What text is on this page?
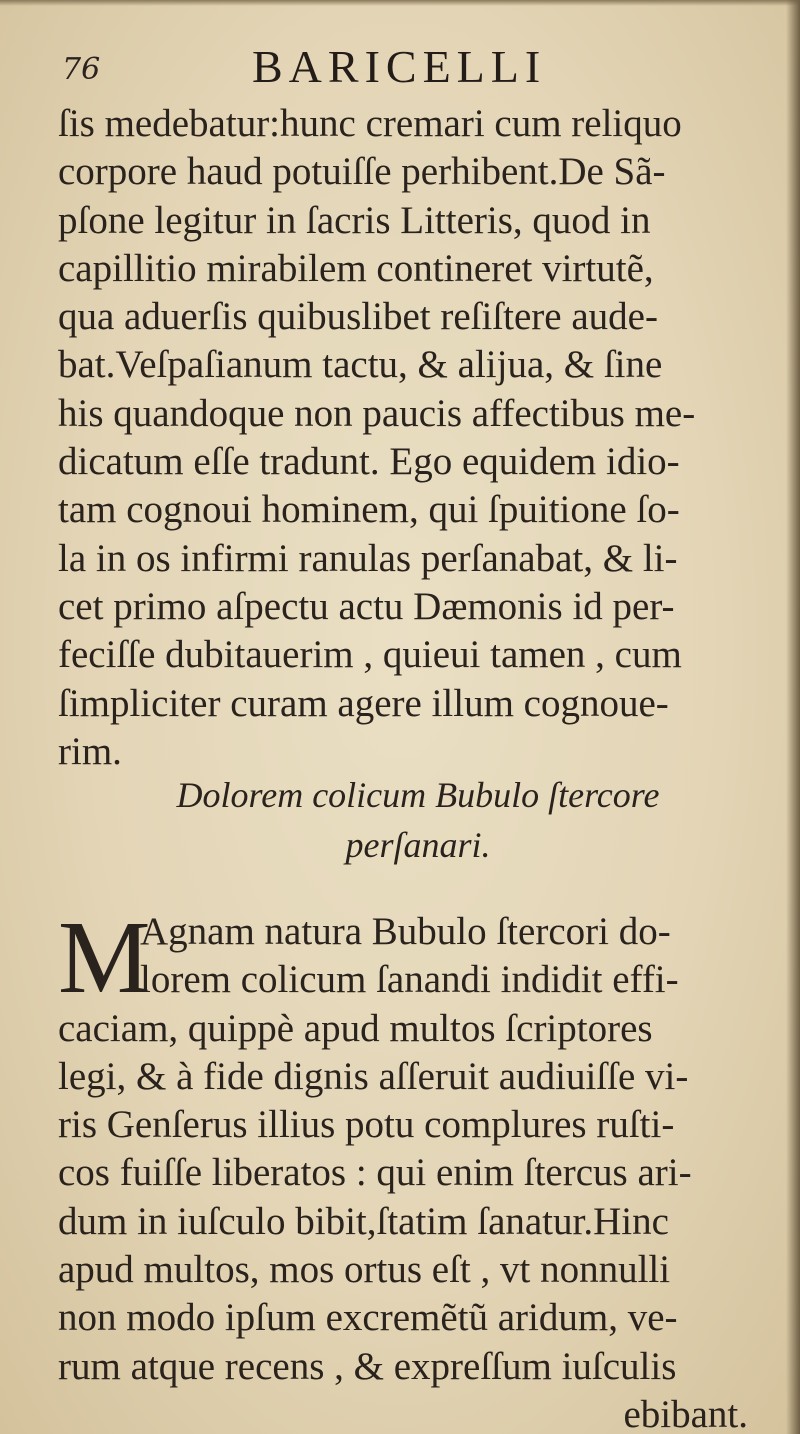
76	BARICELLI
ſis medebatur:hunc cremari cum reliquo
corpore haud potuiſſe perhibent.De Sã-
pſone legitur in ſacris Litteris, quod in
capillitio mirabilem contineret virtutẽ,
qua aduerſis quibuslibet reſiſtere aude-
bat.Veſpaſianum tactu, & alijua, & ſine
his quandoque non paucis affectibus me-
dicatum eſſe tradunt. Ego equidem idio-
tam cognoui hominem, qui ſpuitione ſo-
la in os infirmi ranulas perſanabat, & li-
cet primo aſpectu actu Dæmonis id per-
feciſſe dubitauerim , quieui tamen , cum
ſimpliciter curam agere illum cognoue-
rim.
Dolorem colicum Bubulo ſtercore
perſanari.
M
Agnam natura Bubulo ſtercori do-
lorem colicum ſanandi indidit effi-
caciam, quippè apud multos ſcriptores
legi, & à fide dignis aſſeruit audiuiſſe vi-
ris Genſerus illius potu complures ruſti-
cos fuiſſe liberatos : qui enim ſtercus ari-
dum in iuſculo bibit,ſtatim ſanatur.Hinc
apud multos, mos ortus eſt , vt nonnulli
non modo ipſum excremẽtũ aridum, ve-
rum atque recens , & expreſſum iuſculis
ebibant.
